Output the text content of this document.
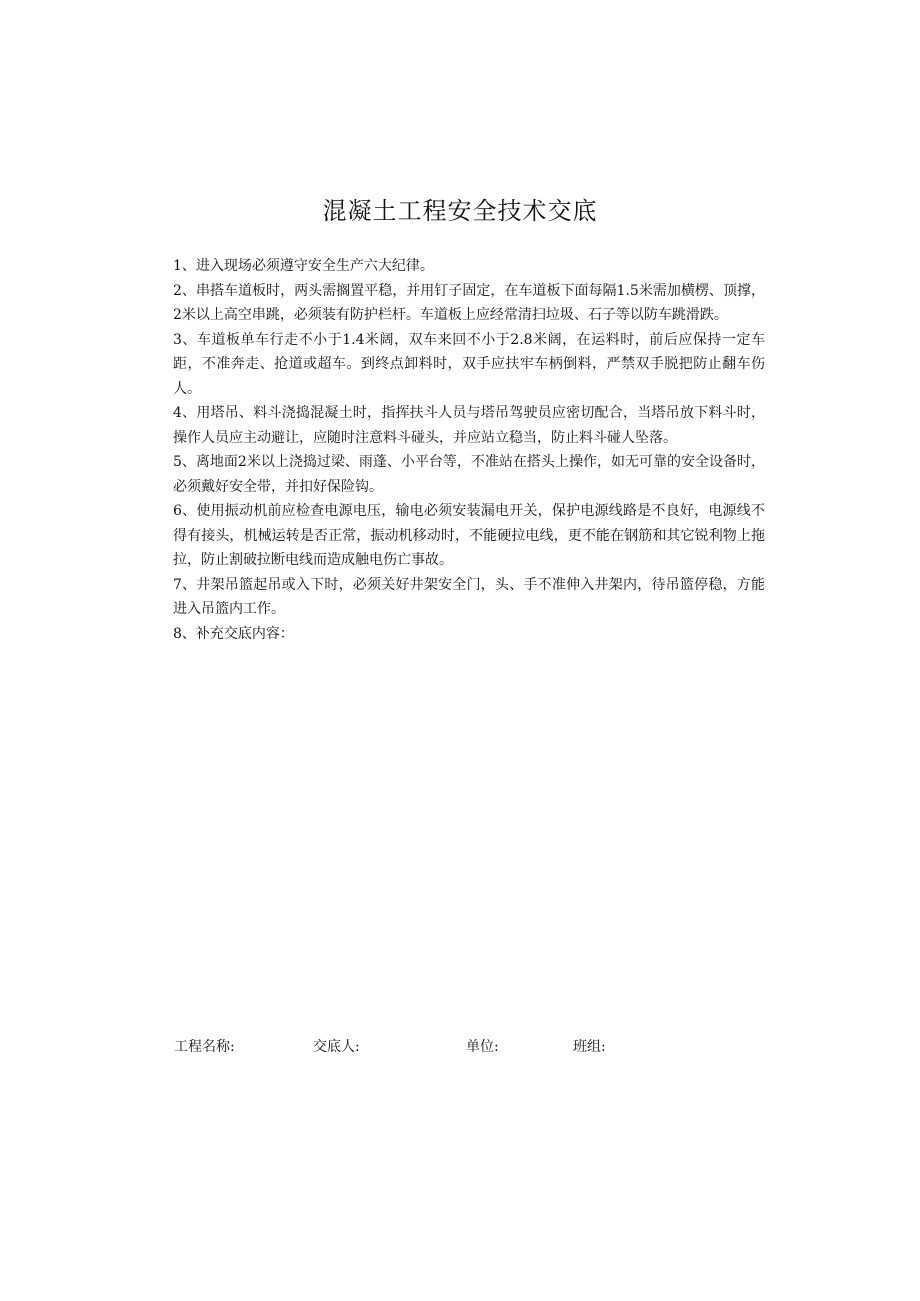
混凝土工程安全技术交底

1、进入现场必须遵守安全生产六大纪律。

2、串搭车道板时，两头需搁置平稳，并用钉子固定，在车道板下面每隔1.5米需加横楞、顶撑，2米以上高空串跳，必须装有防护栏杆。车道板上应经常清扫垃圾、石子等以防车跳滑跌。

3、车道板单车行走不小于1.4米阔，双车来回不小于2.8米阔，在运料时，前后应保持一定车距，不准奔走、抢道或超车。到终点卸料时，双手应扶牢车柄倒料，严禁双手脱把防止翻车伤人。

4、用塔吊、料斗浇捣混凝土时，指挥扶斗人员与塔吊驾驶员应密切配合，当塔吊放下料斗时，操作人员应主动避让，应随时注意料斗碰头，并应站立稳当，防止料斗碰人坠落。

5、离地面2米以上浇捣过梁、雨蓬、小平台等，不准站在搭头上操作，如无可靠的安全设备时，必须戴好安全带，并扣好保险钩。

6、使用振动机前应检查电源电压，输电必须安装漏电开关，保护电源线路是不良好，电源线不得有接头，机械运转是否正常，振动机移动时，不能硬拉电线，更不能在钢筋和其它锐利物上拖拉，防止割破拉断电线而造成触电伤亡事故。

7、井架吊篮起吊或入下时，必须关好井架安全门，头、手不准伸入井架内，待吊篮停稳，方能进入吊篮内工作。

8、补充交底内容：

工程名称:	交底人:	单位:	班组:
